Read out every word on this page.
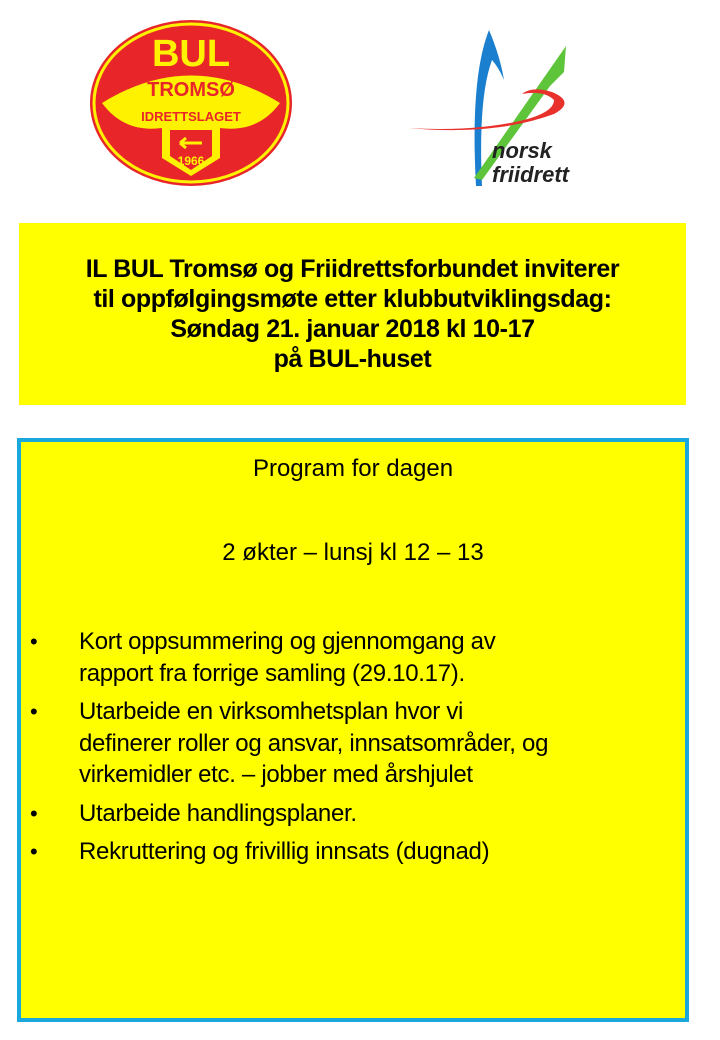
BUL
TROMSØ
IDRETTSLAGET
1966	norsk
friidrett
IL BUL Tromsø og Friidrettsforbundet inviterer
til oppfølgingsmøte etter klubbutviklingsdag:
Søndag 21. januar 2018 kl 10-17
på BUL-huset
Program for dagen
2 økter – lunsj kl 12 – 13
• Kort oppsummering og gjennomgang av
rapport fra forrige samling (29.10.17).
• Utarbeide en virksomhetsplan hvor vi
definerer roller og ansvar, innsatsområder, og
virkemidler etc. – jobber med årshjulet
• Utarbeide handlingsplaner.
• Rekruttering og frivillig innsats (dugnad)
